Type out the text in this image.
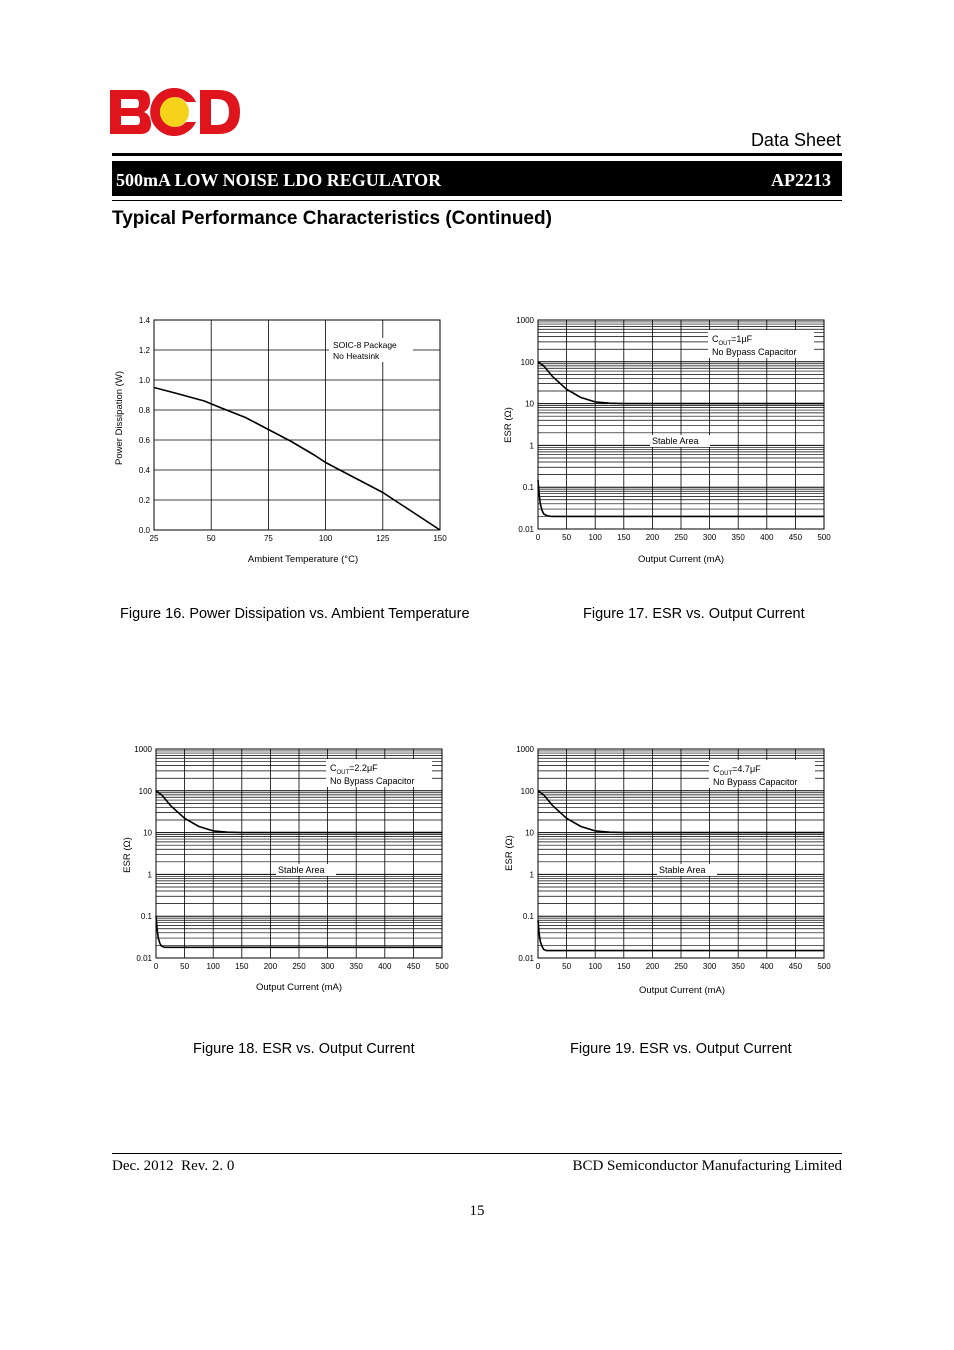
Data Sheet
500mA LOW NOISE LDO REGULATOR	AP2213
Typical Performance Characteristics (Continued)
25	50	75	100	125	150
0.0
0.2
0.4
0.6
0.8
1.0
1.2
1.4
SOIC-8 Package
No Heatsink
Ambient Temperature (°C)
Power Dissipation (W)
0	50 100 150 200 250 300 350 400 450 500
0.01
0.1
1
10
100
1000
$C_{OUT}=1\mu F$
No Bypass Capacitor
Stable Area
Output Current (mA)
ESR (Ω)
0	50 100 150 200 250 300 350 400 450 500
0.01
0.1
1
10
100
1000
$C_{OUT}=2.2\mu F$
No Bypass Capacitor
Stable Area
Output Current (mA)
ESR (Ω)
0	50 100 150 200 250 300 350 400 450 500
0.01
0.1
1
10
100
1000
$C_{OUT}=4.7\mu F$
No Bypass Capacitor
Stable Area
Output Current (mA)
ESR (Ω)
Figure 16. Power Dissipation vs. Ambient Temperature	Figure 17. ESR vs. Output Current
Figure 18. ESR vs. Output Current	Figure 19. ESR vs. Output Current
Dec. 2012  Rev. 2. 0	BCD Semiconductor Manufacturing Limited
15
